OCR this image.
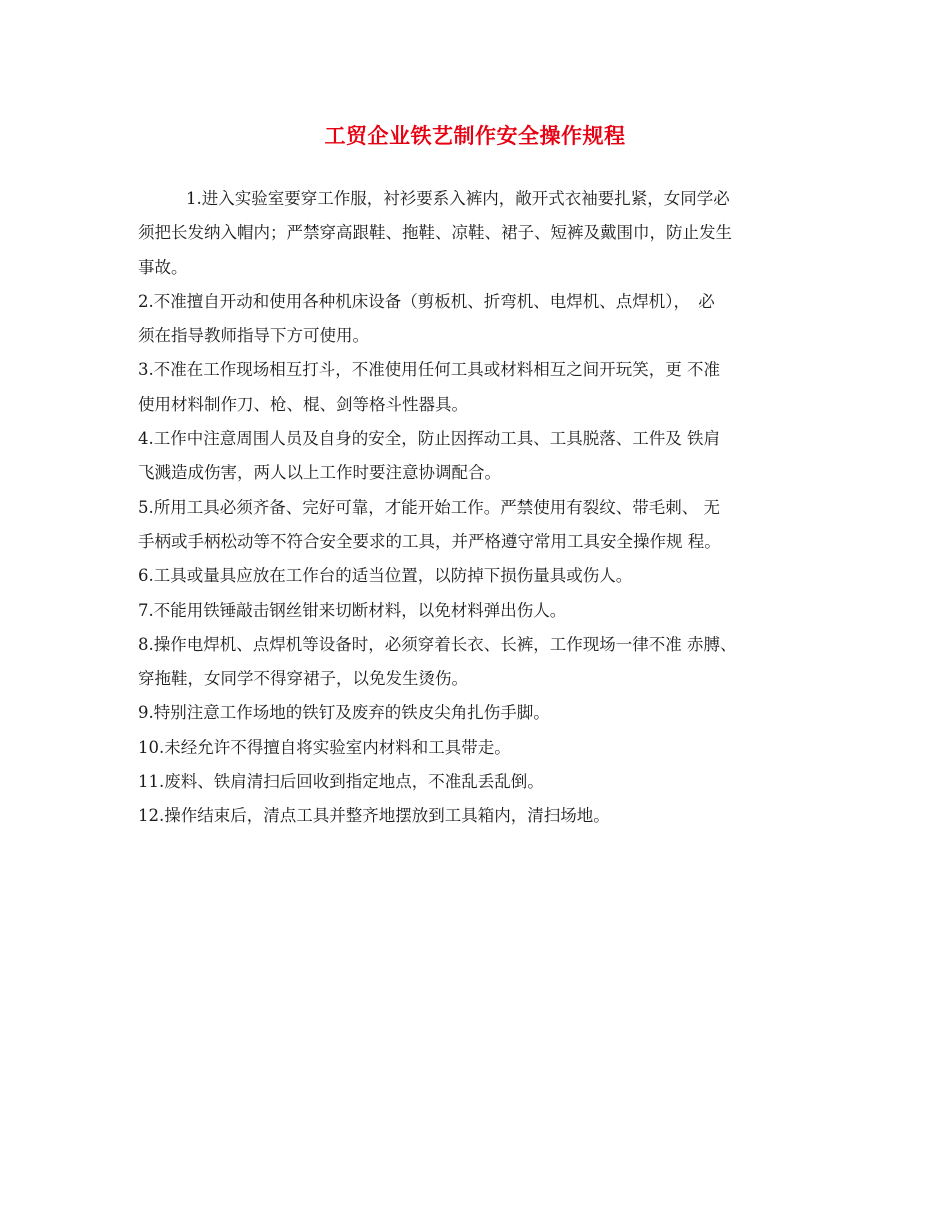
工贸企业铁艺制作安全操作规程
1.进入实验室要穿工作服，衬衫要系入裤内，敞开式衣袖要扎紧，女同学必
须把长发纳入帽内；严禁穿高跟鞋、拖鞋、凉鞋、裙子、短裤及戴围巾，防止发生
事故。
2.不准擅自开动和使用各种机床设备（剪板机、折弯机、电焊机、点焊机），　必
须在指导教师指导下方可使用。
3.不准在工作现场相互打斗，不准使用任何工具或材料相互之间开玩笑，更 不准
使用材料制作刀、枪、棍、剑等格斗性器具。
4.工作中注意周围人员及自身的安全，防止因挥动工具、工具脱落、工件及 铁肩
飞溅造成伤害，两人以上工作时要注意协调配合。
5.所用工具必须齐备、完好可靠，才能开始工作。严禁使用有裂纹、带毛刺、 无
手柄或手柄松动等不符合安全要求的工具，并严格遵守常用工具安全操作规 程。
6.工具或量具应放在工作台的适当位置，以防掉下损伤量具或伤人。
7.不能用铁锤敲击钢丝钳来切断材料，以免材料弹出伤人。
8.操作电焊机、点焊机等设备时，必须穿着长衣、长裤，工作现场一律不准 赤膊、
穿拖鞋，女同学不得穿裙子，以免发生烫伤。
9.特别注意工作场地的铁钉及废弃的铁皮尖角扎伤手脚。
10.未经允许不得擅自将实验室内材料和工具带走。
11.废料、铁肩清扫后回收到指定地点，不准乱丢乱倒。
12.操作结束后，清点工具并整齐地摆放到工具箱内，清扫场地。
